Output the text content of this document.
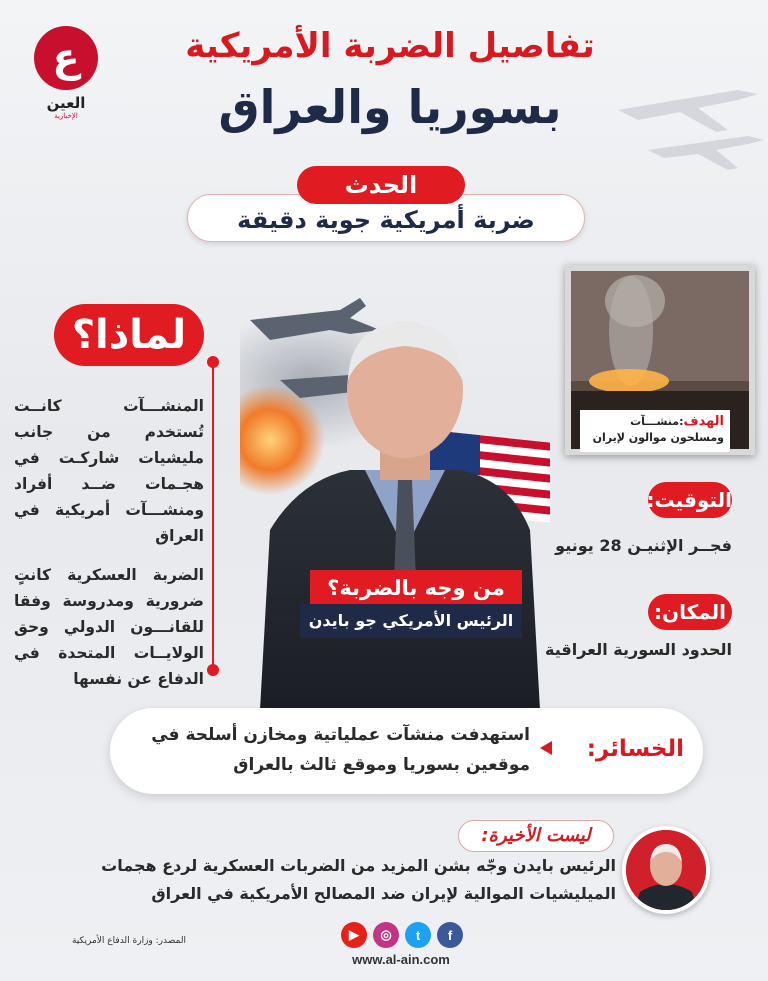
ع
العين
الإخبارية
تفاصيل الضربة الأمريكية
بسوريا والعراق
ضربة أمريكية جوية دقيقة
الحدث
لماذا؟
المنشـــآت كانــت تُستخدم من جانب مليشيات شاركـت في هجـمات ضــد أفراد ومنشـــآت أمريكية في العراق
الضربة العسكرية كانتٍ ضرورية ومدروسة وفقا للقانـــون الدولي وحق الولايــات المتحدة في الدفاع عن نفسها
الهدف:منشـــآت ومسلحون موالون لإيران
التوقيت:
فجــر الإثنيـن 28 يونيو
المكان:
الحدود السورية العراقية
من وجه بالضربة؟
الرئيس الأمريكي جو بايدن
الخسائر:
استهدفت منشآت عملياتية ومخازن أسلحة في موقعين بسوريا وموقع ثالث بالعراق
ليست الأخيرة:
الرئيس بايدن وجّه بشن المزيد من الضربات العسكرية لردع هجمات الميليشيات الموالية لإيران ضد المصالح الأمريكية في العراق
المصدر: وزارة الدفاع الأمريكية	▶	◎	t	f
www.al-ain.com
